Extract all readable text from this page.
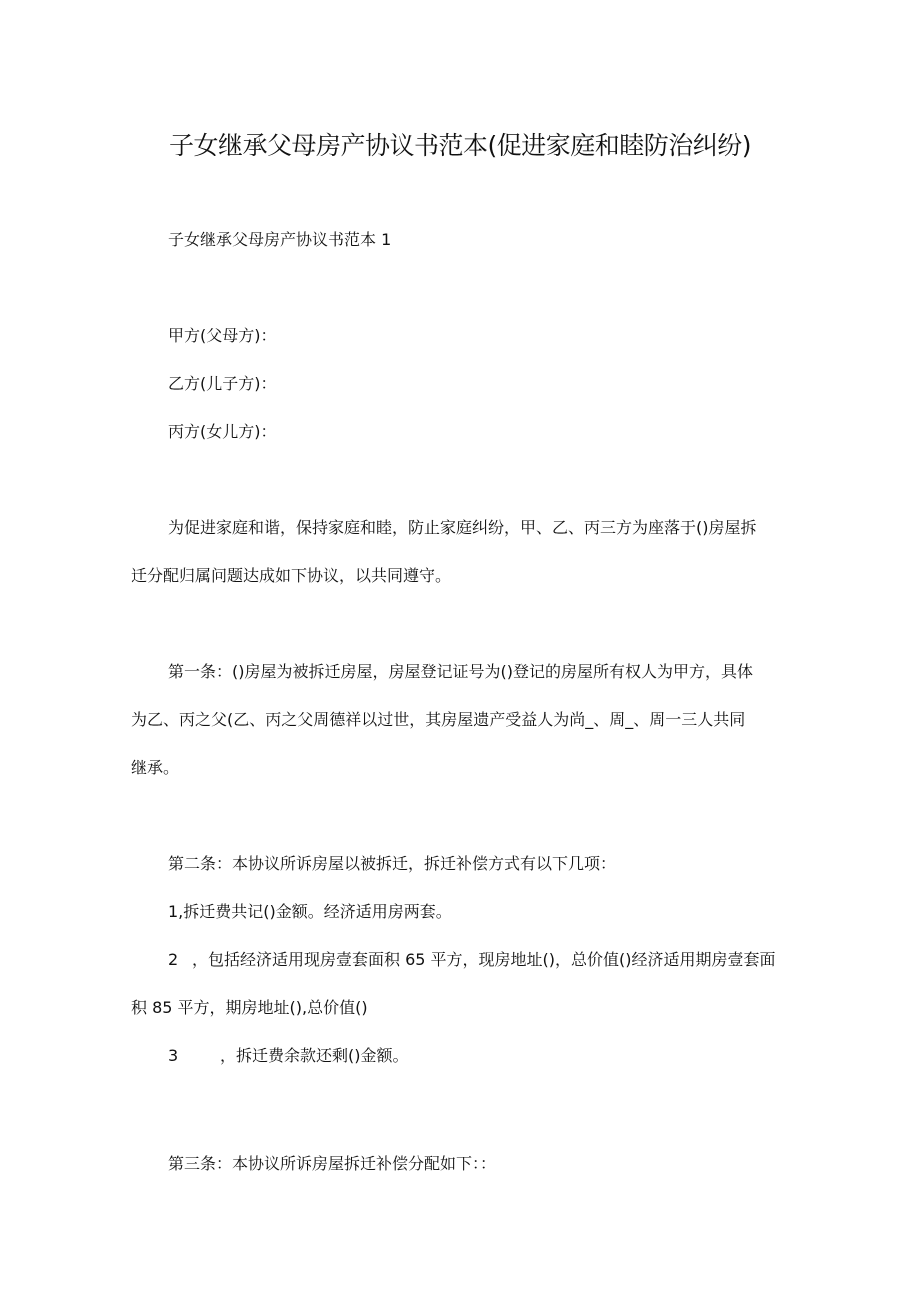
子女继承父母房产协议书范本(促进家庭和睦防治纠纷)
子女继承父母房产协议书范本 1
甲方(父母方)：
乙方(儿子方)：
丙方(女儿方)：
为促进家庭和谐，保持家庭和睦，防止家庭纠纷，甲、乙、丙三方为座落于()房屋拆
迁分配归属问题达成如下协议，以共同遵守。
第一条：()房屋为被拆迁房屋，房屋登记证号为()登记的房屋所有权人为甲方，具体
为乙、丙之父(乙、丙之父周德祥以过世，其房屋遗产受益人为尚_、周_、周一三人共同
继承。
第二条：本协议所诉房屋以被拆迁，拆迁补偿方式有以下几项：
1,拆迁费共记()金额。经济适用房两套。
2 ，包括经济适用现房壹套面积 65 平方，现房地址()，总价值()经济适用期房壹套面
积 85 平方，期房地址(),总价值()
3	，拆迁费余款还剩()金额。
第三条：本协议所诉房屋拆迁补偿分配如下：：
